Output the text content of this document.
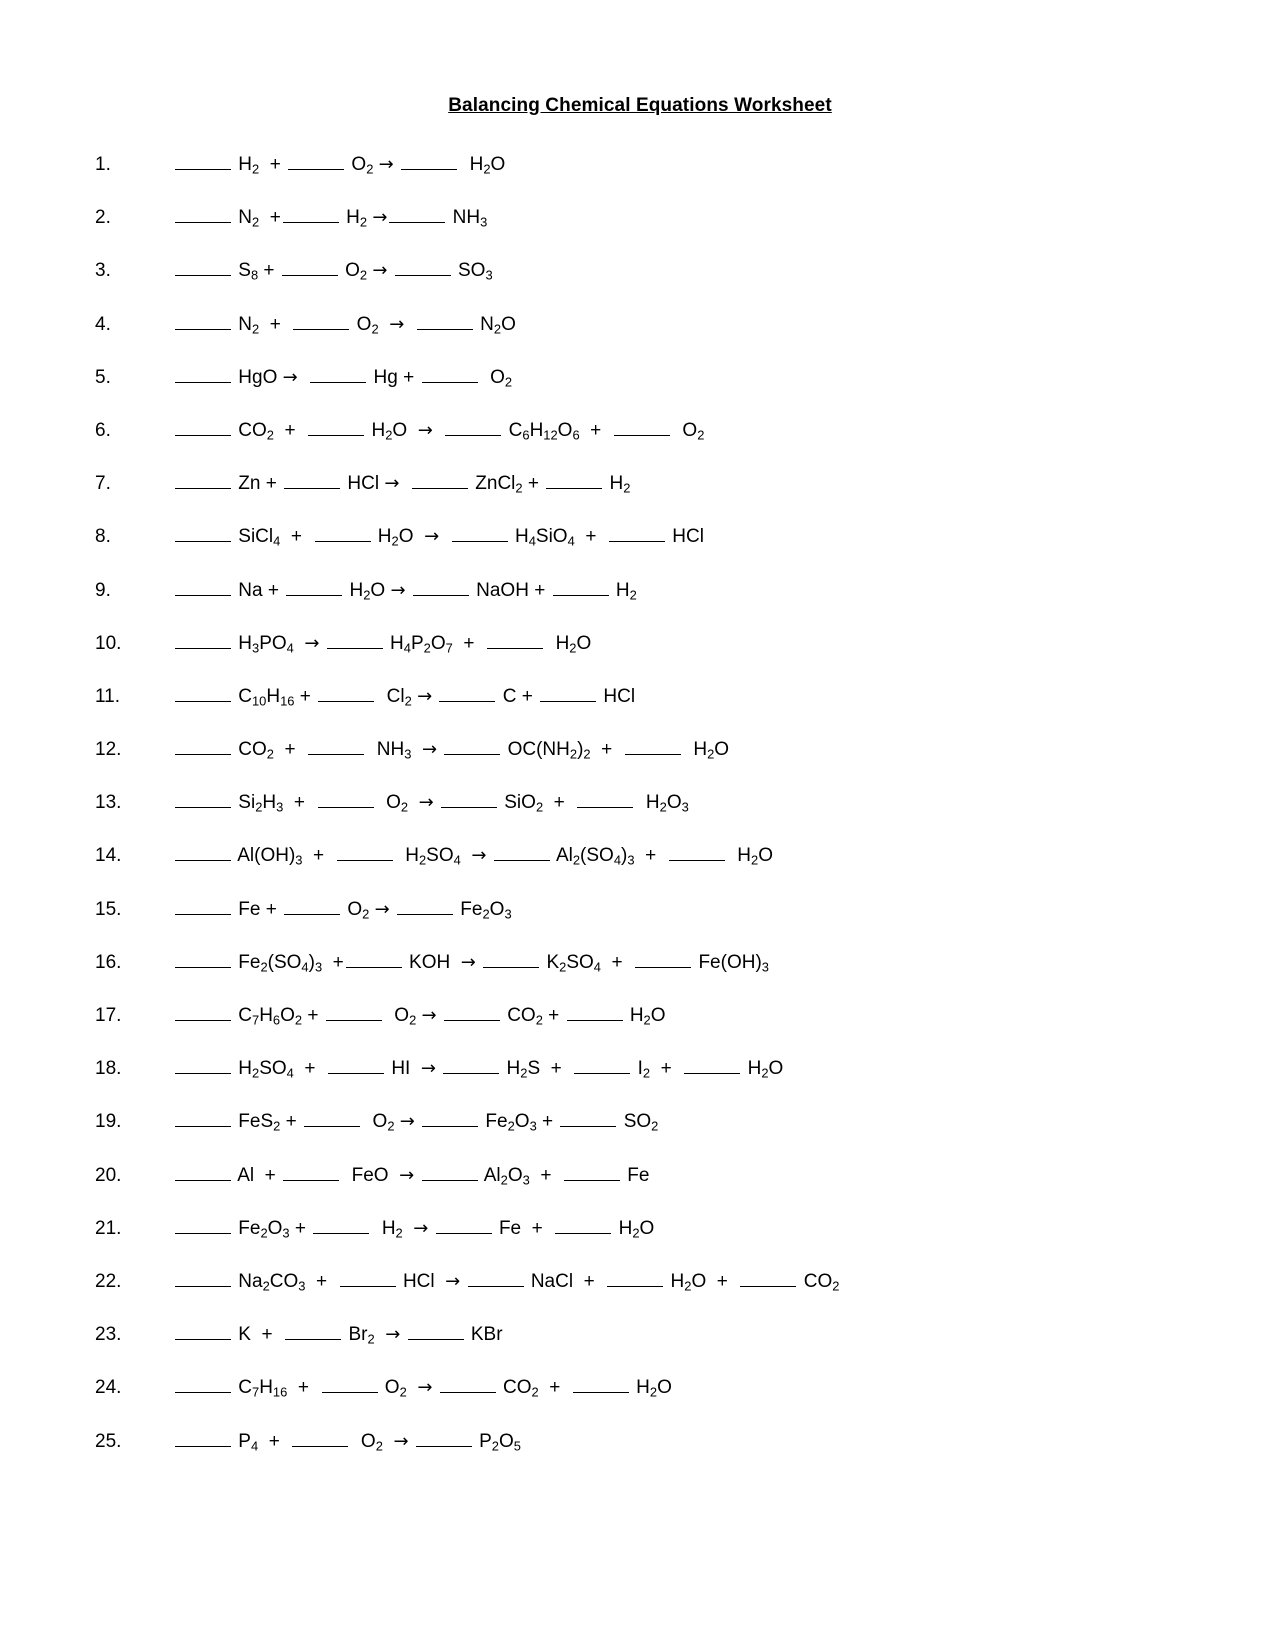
Balancing Chemical Equations Worksheet
1.	$H_2$  +	$O_2$ →	$H_2O$
2.	$N_2$  +	$H_2$ →	$NH_3$
3.	$S_8$ +	$O_2$ →	$SO_3$
4.	$N_2$  +	$O_2$ →	$N_2O$
5.	HgO →	Hg +	$O_2$
6.	$CO_2$  +	$H_2O$  →	$C_6H_{12}O_6$  +	$O_2$
7.	Zn +	HCl →	ZnCl$_2$ +	$H_2$
8.	SiCl$_4$  +	$H_2O$  →	$H_4SiO_4$  +	HCl
9.	Na +	$H_2O$ →	NaOH +	$H_2$
10.	$H_3PO_4$ →	$H_4P_2O_7$  +	$H_2O$
11.	$C_{10}H_{16}$ +	$Cl_2$ →	C +	HCl
12.	$CO_2$  +	$NH_3$ →	$OC(NH_2)_2$  +	$H_2O$
13.	$Si_2H_3$  +	$O_2$ →	SiO$_2$  +	$H_2O_3$
14.	$Al(OH)_3$  +	$H_2SO_4$ →	$Al_2(SO_4)_3$  +	$H_2O$
15.	Fe +	$O_2$ →	$Fe_2O_3$
16.	$Fe_2(SO_4)_3$  +	KOH  →	$K_2SO_4$  +	$Fe(OH)_3$
17.	$C_7H_6O_2$ +	$O_2$ →	$CO_2$ +	$H_2O$
18.	$H_2SO_4$  +	HI  →	$H_2S$  +	$I_2$  +	$H_2O$
19.	FeS$_2$ +	$O_2$ →	$Fe_2O_3$ +	$SO_2$
20.	Al  +	FeO  →	$Al_2O_3$  +	Fe
21.	$Fe_2O_3$ +	$H_2$ →	Fe  +	$H_2O$
22.	$Na_2CO_3$  +	HCl  →	NaCl  +	$H_2O$  +	$CO_2$
23.	K  +	$Br_2$ →	KBr
24.	$C_7H_{16}$  +	$O_2$ →	$CO_2$  +	$H_2O$
25.	$P_4$  +	$O_2$ →	$P_2O_5$
